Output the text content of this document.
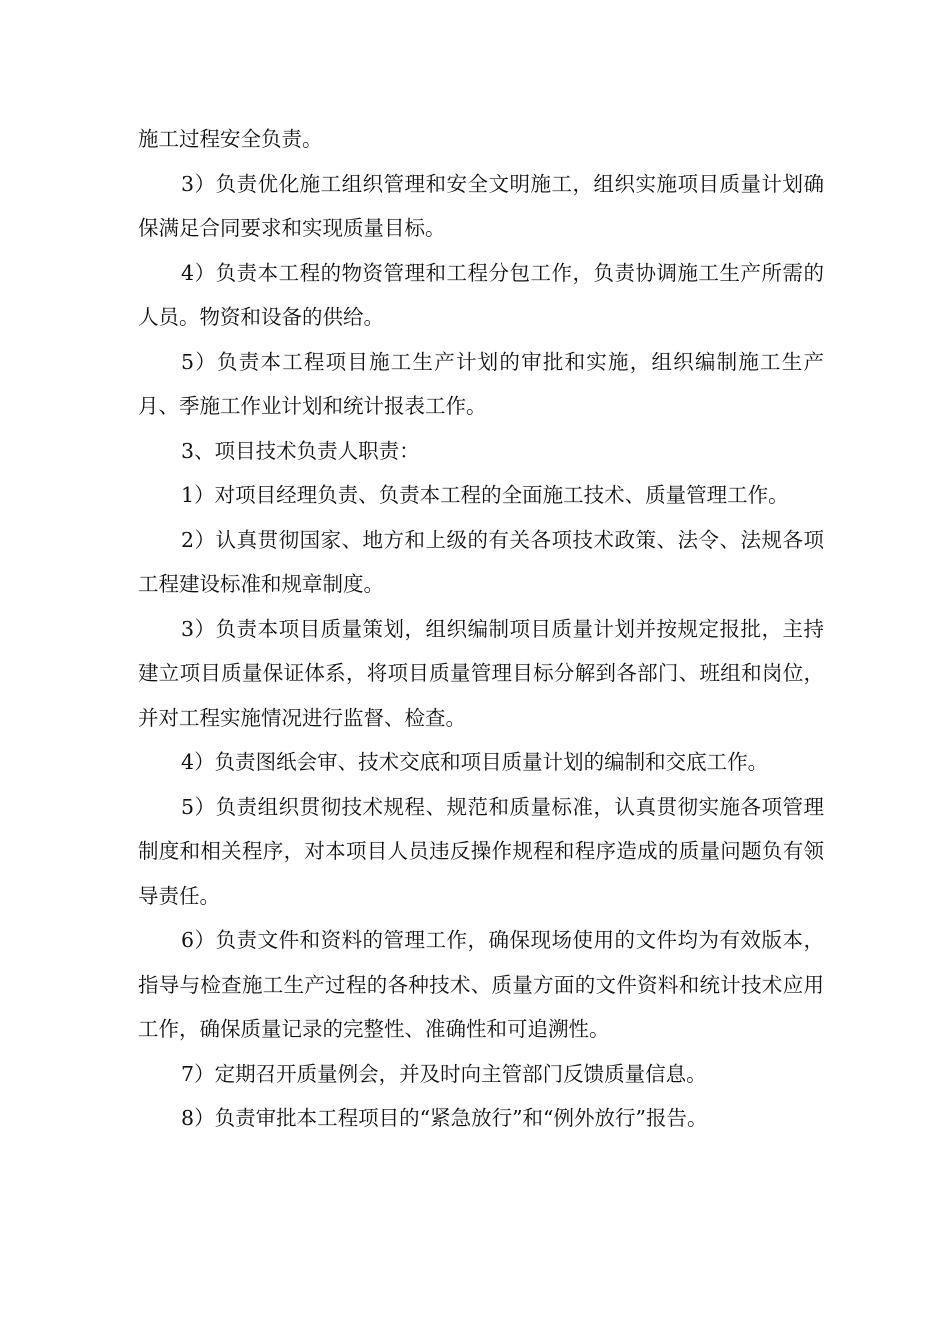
施工过程安全负责。

3）负责优化施工组织管理和安全文明施工，组织实施项目质量计划确保满足合同要求和实现质量目标。

4）负责本工程的物资管理和工程分包工作，负责协调施工生产所需的人员。物资和设备的供给。

5）负责本工程项目施工生产计划的审批和实施，组织编制施工生产月、季施工作业计划和统计报表工作。

3、项目技术负责人职责：

1）对项目经理负责、负责本工程的全面施工技术、质量管理工作。

2）认真贯彻国家、地方和上级的有关各项技术政策、法令、法规各项工程建设标准和规章制度。

3）负责本项目质量策划，组织编制项目质量计划并按规定报批，主持建立项目质量保证体系，将项目质量管理目标分解到各部门、班组和岗位，并对工程实施情况进行监督、检查。

4）负责图纸会审、技术交底和项目质量计划的编制和交底工作。

5）负责组织贯彻技术规程、规范和质量标准，认真贯彻实施各项管理制度和相关程序，对本项目人员违反操作规程和程序造成的质量问题负有领导责任。

6）负责文件和资料的管理工作，确保现场使用的文件均为有效版本，指导与检查施工生产过程的各种技术、质量方面的文件资料和统计技术应用工作，确保质量记录的完整性、准确性和可追溯性。

7）定期召开质量例会，并及时向主管部门反馈质量信息。

8）负责审批本工程项目的“紧急放行”和“例外放行”报告。
